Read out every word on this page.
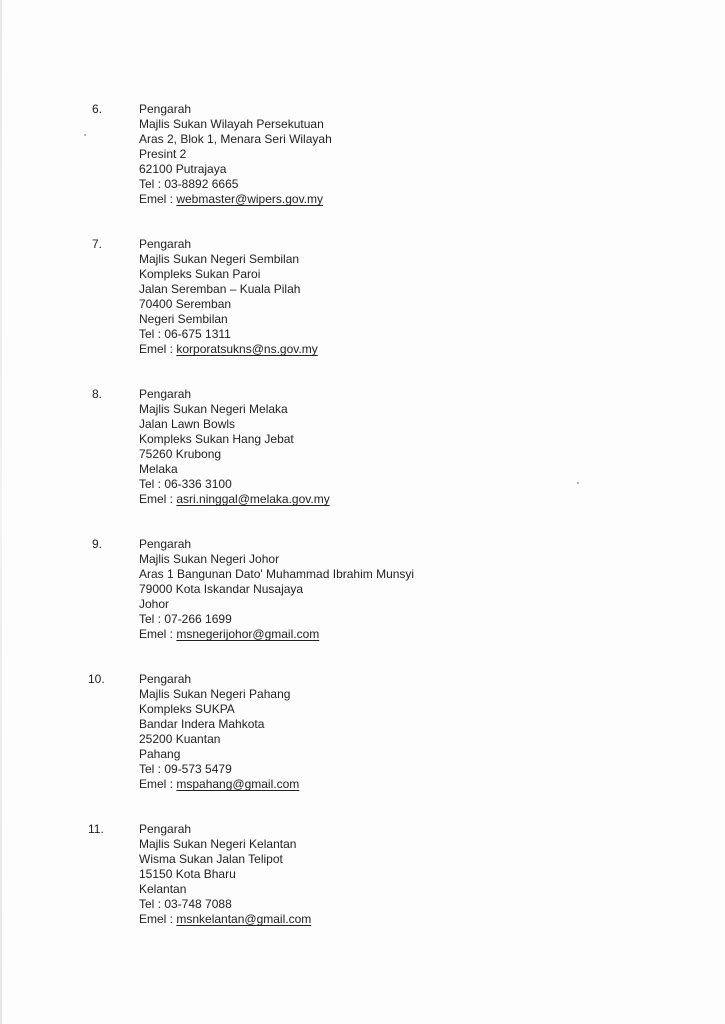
6.	Pengarah
Majlis Sukan Wilayah Persekutuan
Aras 2, Blok 1, Menara Seri Wilayah
Presint 2
62100 Putrajaya
Tel : 03-8892 6665
Emel : webmaster@wipers.gov.my
7.	Pengarah
Majlis Sukan Negeri Sembilan
Kompleks Sukan Paroi
Jalan Seremban – Kuala Pilah
70400 Seremban
Negeri Sembilan
Tel : 06-675 1311
Emel : korporatsukns@ns.gov.my
8.	Pengarah
Majlis Sukan Negeri Melaka
Jalan Lawn Bowls
Kompleks Sukan Hang Jebat
75260 Krubong
Melaka
Tel : 06-336 3100
Emel : asri.ninggal@melaka.gov.my
9.	Pengarah
Majlis Sukan Negeri Johor
Aras 1 Bangunan Dato' Muhammad Ibrahim Munsyi
79000 Kota Iskandar Nusajaya
Johor
Tel : 07-266 1699
Emel : msnegerijohor@gmail.com
10.	Pengarah
Majlis Sukan Negeri Pahang
Kompleks SUKPA
Bandar Indera Mahkota
25200 Kuantan
Pahang
Tel : 09-573 5479
Emel : mspahang@gmail.com
11.	Pengarah
Majlis Sukan Negeri Kelantan
Wisma Sukan Jalan Telipot
15150 Kota Bharu
Kelantan
Tel : 03-748 7088
Emel : msnkelantan@gmail.com
